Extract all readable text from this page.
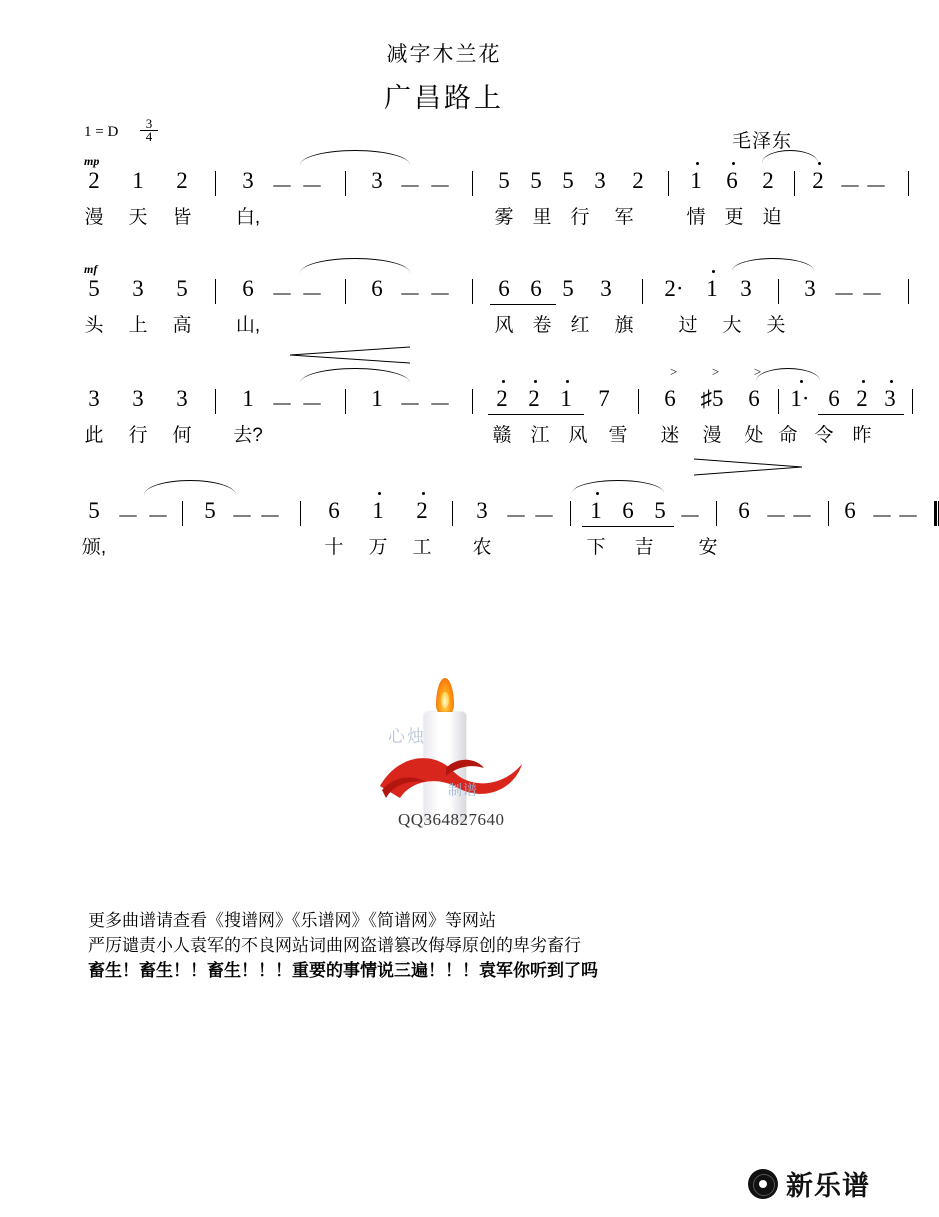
减字木兰花
广昌路上
1 = D $\frac{3}{4}$	毛泽东
mp
2 1 2 3 － － 3 － － 5 5 5 3 2 1 6 2 2 － －
漫 天 皆 白,	雾 里 行 军	情 更 迫
mf
5 3 5 6 － － 6 － － 6 6 5 3 2· 1 3 3 － －
头 上 高 山,	风 卷 红 旗 过 大 关
3 3 3 1 － － 1 － － 2 2 1 7 6 ♯5 6 1· 6 2 3
>	>	>
此 行 何 去?	赣 江 风 雪 迷 漫 处 命 令 昨
5 － － 5 － － 6 1 2 3 － － 1 6 5 － 6 － － 6 － －
颁,	十 万 工 农	下 吉 安
心烛
制谱
QQ364827640
更多曲谱请查看《搜谱网》《乐谱网》《简谱网》等网站
严厉谴责小人袁军的不良网站词曲网盗谱篡改侮辱原创的卑劣畜行
畜生！畜生！！畜生！！！重要的事情说三遍！！！袁军你听到了吗
新乐谱
